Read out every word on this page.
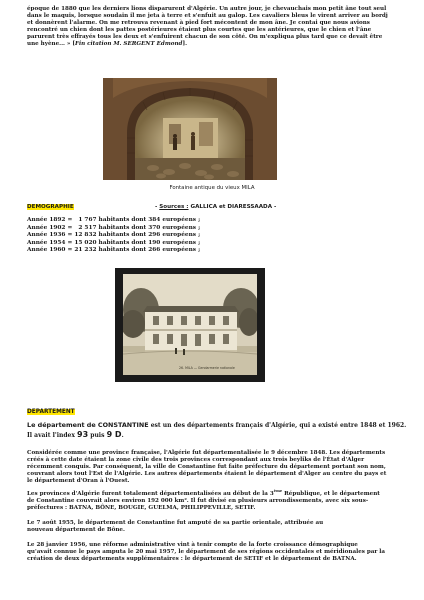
époque de 1880 que les derniers lions disparurent d'Algérie. Un autre jour, je chevauchais mon petit âne tout seul
dans le maquis, lorsque soudain il me jeta à terre et s'enfuit au galop. Les cavaliers bleus le virent arriver au bordj
et donnèrent l'alarme. On me retrouva revenant à pied fort mécontent de mon âne. Je contai que nous avions
rencontré un chien dont les pattes postérieures étaient plus courtes que les antérieures, que le chien et l'âne
parurent très effrayés tous les deux et s'enfuirent chacun de son côté. On m'expliqua plus tard que ce devait être
une hyène... » [Fin citation M. SERGENT Edmond].
Fontaine antique du vieux MILA
DEMOGRAPHIE	- Sources : GALLICA et DIARESSAADA -
Année 1892 =   1 767 habitants dont 384 européens ;
Année 1902 =   2 517 habitants dont 370 européens ;
Année 1936 = 12 832 habitants dont 296 européens ;
Année 1954 = 15 020 habitants dont 190 européens ;
Année 1960 = 21 232 habitants dont 266 européens ;
26. MILA — Gendarmerie nationale
DEPARTEMENT
Le département de CONSTANTINE est un des départements français d'Algérie, qui a existé entre 1848 et 1962.
Il avait l'index 93 puis 9 D.
Considérée comme une province française, l'Algérie fut départementalisée le 9 décembre 1848. Les départements
créés à cette date étaient la zone civile des trois provinces correspondant aux trois beyliks de l'État d'Alger
récemment conquis. Par conséquent, la ville de Constantine fut faite préfecture du département portant son nom,
couvrant alors tout l'Est de l'Algérie. Les autres départements étaient le département d'Alger au centre du pays et
le département d'Oran à l'Ouest.
Les provinces d'Algérie furent totalement départementalisées au début de la 3ème République, et le département
de Constantine couvrait alors environ 192 000 km². Il fut divisé en plusieurs arrondissements, avec six sous-
préfectures : BATNA, BÔNE, BOUGIE, GUELMA, PHILIPPEVILLE, SETIF.
Le 7 août 1955, le département de Constantine fut amputé de sa partie orientale, attribuée au
nouveau département de Bône.
Le 28 janvier 1956, une réforme administrative vint à tenir compte de la forte croissance démographique
qu'avait connue le pays amputa le 20 mai 1957, le département de ses régions occidentales et méridionales par la
création de deux départements supplémentaires : le département de SETIF et le département de BATNA.
